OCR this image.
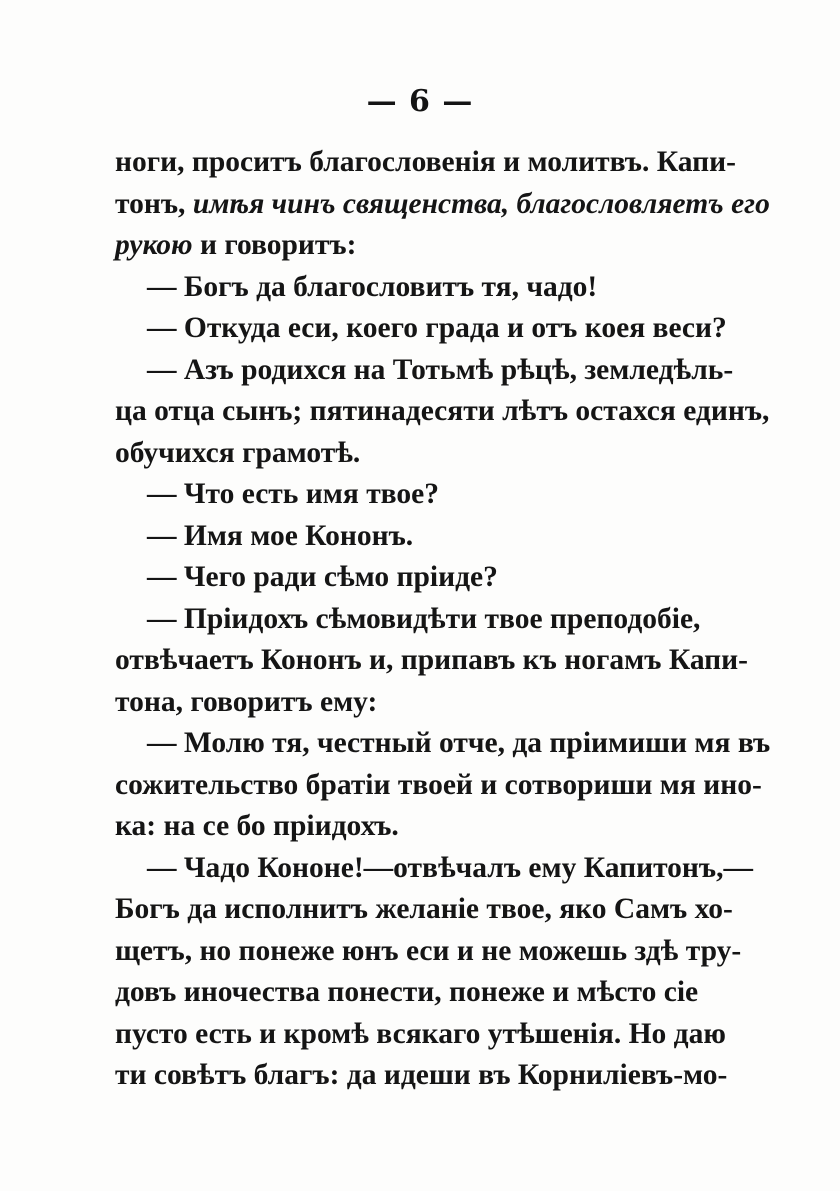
— 6 —
ноги, проситъ благословенія и молитвъ. Капи-
тонъ, имѣя чинъ священства, благословляетъ его
рукою и говоритъ:
— Богъ да благословитъ тя, чадо!
— Откуда еси, коего града и отъ коея веси?
— Азъ родихся на Тотьмѣ рѣцѣ, земледѣль-
ца отца сынъ; пятинадесяти лѣтъ остахся единъ,
обучихся грамотѣ.
— Что есть имя твое?
— Имя мое Кононъ.
— Чего ради сѣмо пріиде?
— Пріидохъ сѣмовидѣти твое преподобіе,
отвѣчаетъ Кононъ и, припавъ къ ногамъ Капи-
тона, говоритъ ему:
— Молю тя, честный отче, да пріимиши мя въ
сожительство братіи твоей и сотвориши мя ино-
ка: на се бо пріидохъ.
— Чадо Кононе!—отвѣчалъ ему Капитонъ,—
Богъ да исполнитъ желаніе твое, яко Самъ хо-
щетъ, но понеже юнъ еси и не можешь здѣ тру-
довъ иночества понести, понеже и мѣсто сіе
пусто есть и кромѣ всякаго утѣшенія. Но даю
ти совѣтъ благъ: да идеши въ Корниліевъ-мо-
